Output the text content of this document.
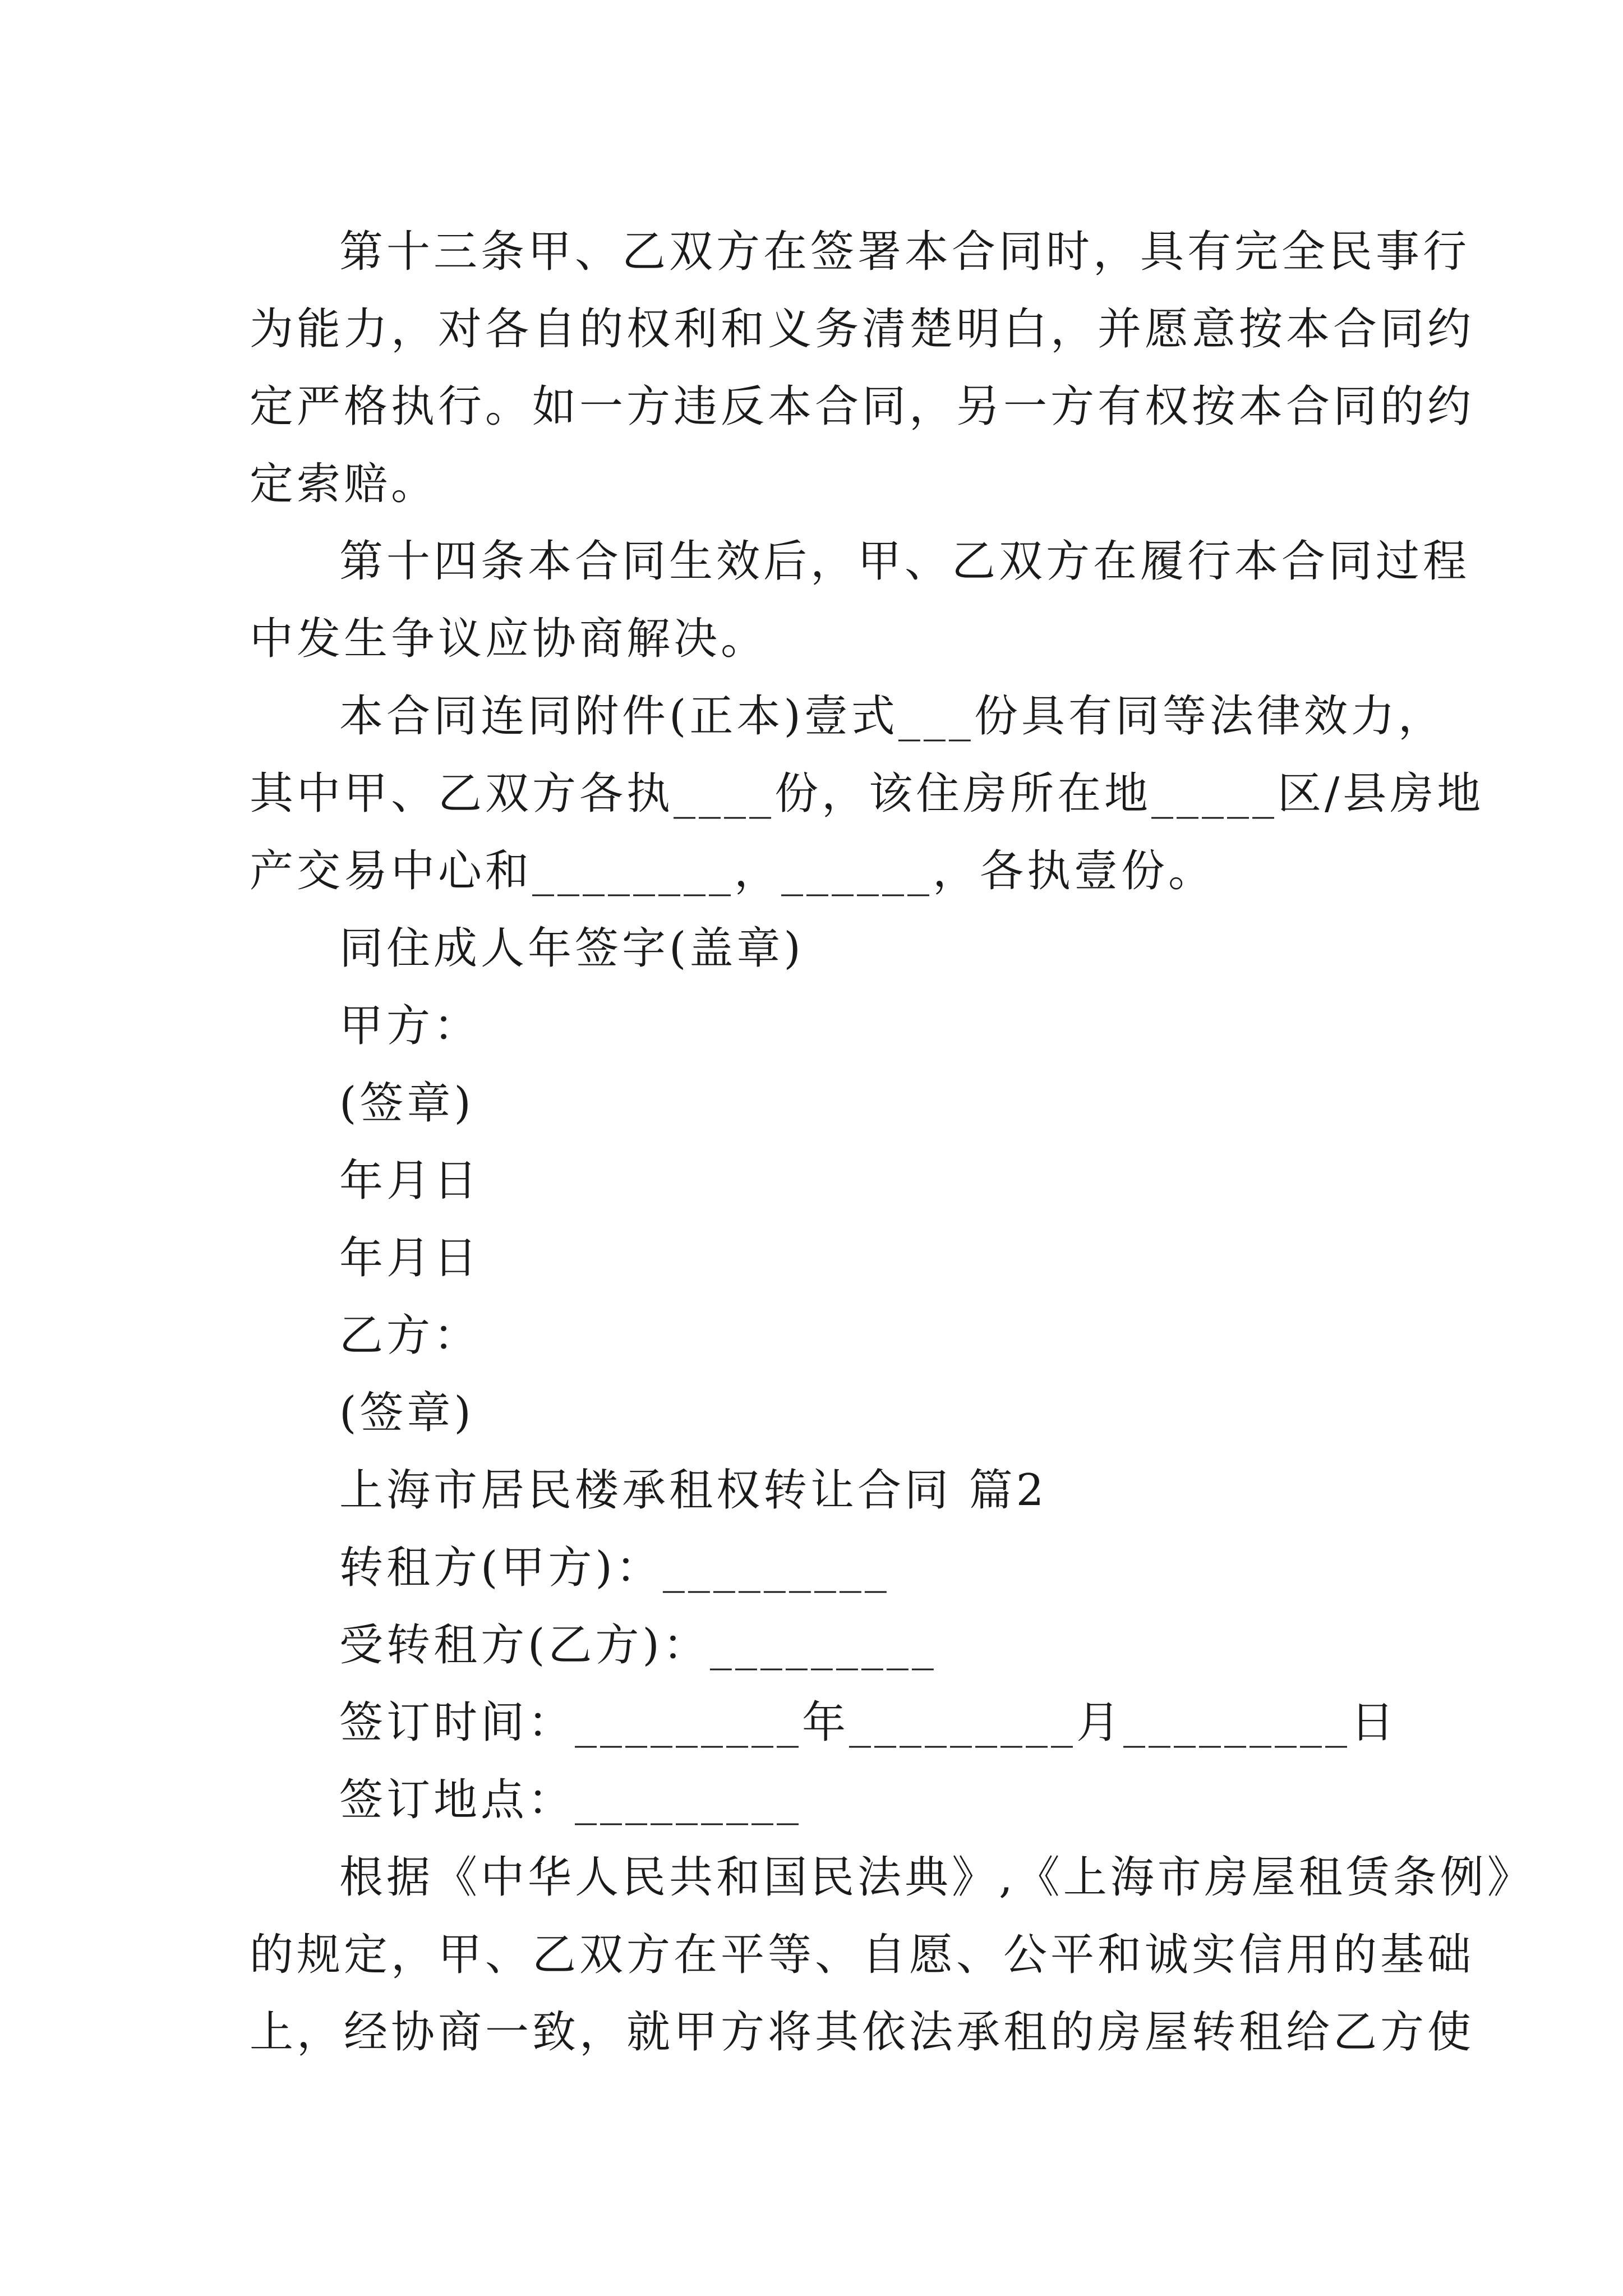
第十三条甲、乙双方在签署本合同时，具有完全民事行
为能力，对各自的权利和义务清楚明白，并愿意按本合同约
定严格执行。如一方违反本合同，另一方有权按本合同的约
定索赔。
第十四条本合同生效后，甲、乙双方在履行本合同过程
中发生争议应协商解决。
本合同连同附件(正本)壹式___份具有同等法律效力，
其中甲、乙双方各执____份，该住房所在地_____区/县房地
产交易中心和________，______，各执壹份。
同住成人年签字(盖章)
甲方：
(签章)
年月日
年月日
乙方：
(签章)
上海市居民楼承租权转让合同 篇2
转租方(甲方)：_________
受转租方(乙方)：_________
签订时间：_________年_________月_________日
签订地点：_________
根据《中华人民共和国民法典》,《上海市房屋租赁条例》
的规定，甲、乙双方在平等、自愿、公平和诚实信用的基础
上，经协商一致，就甲方将其依法承租的房屋转租给乙方使
